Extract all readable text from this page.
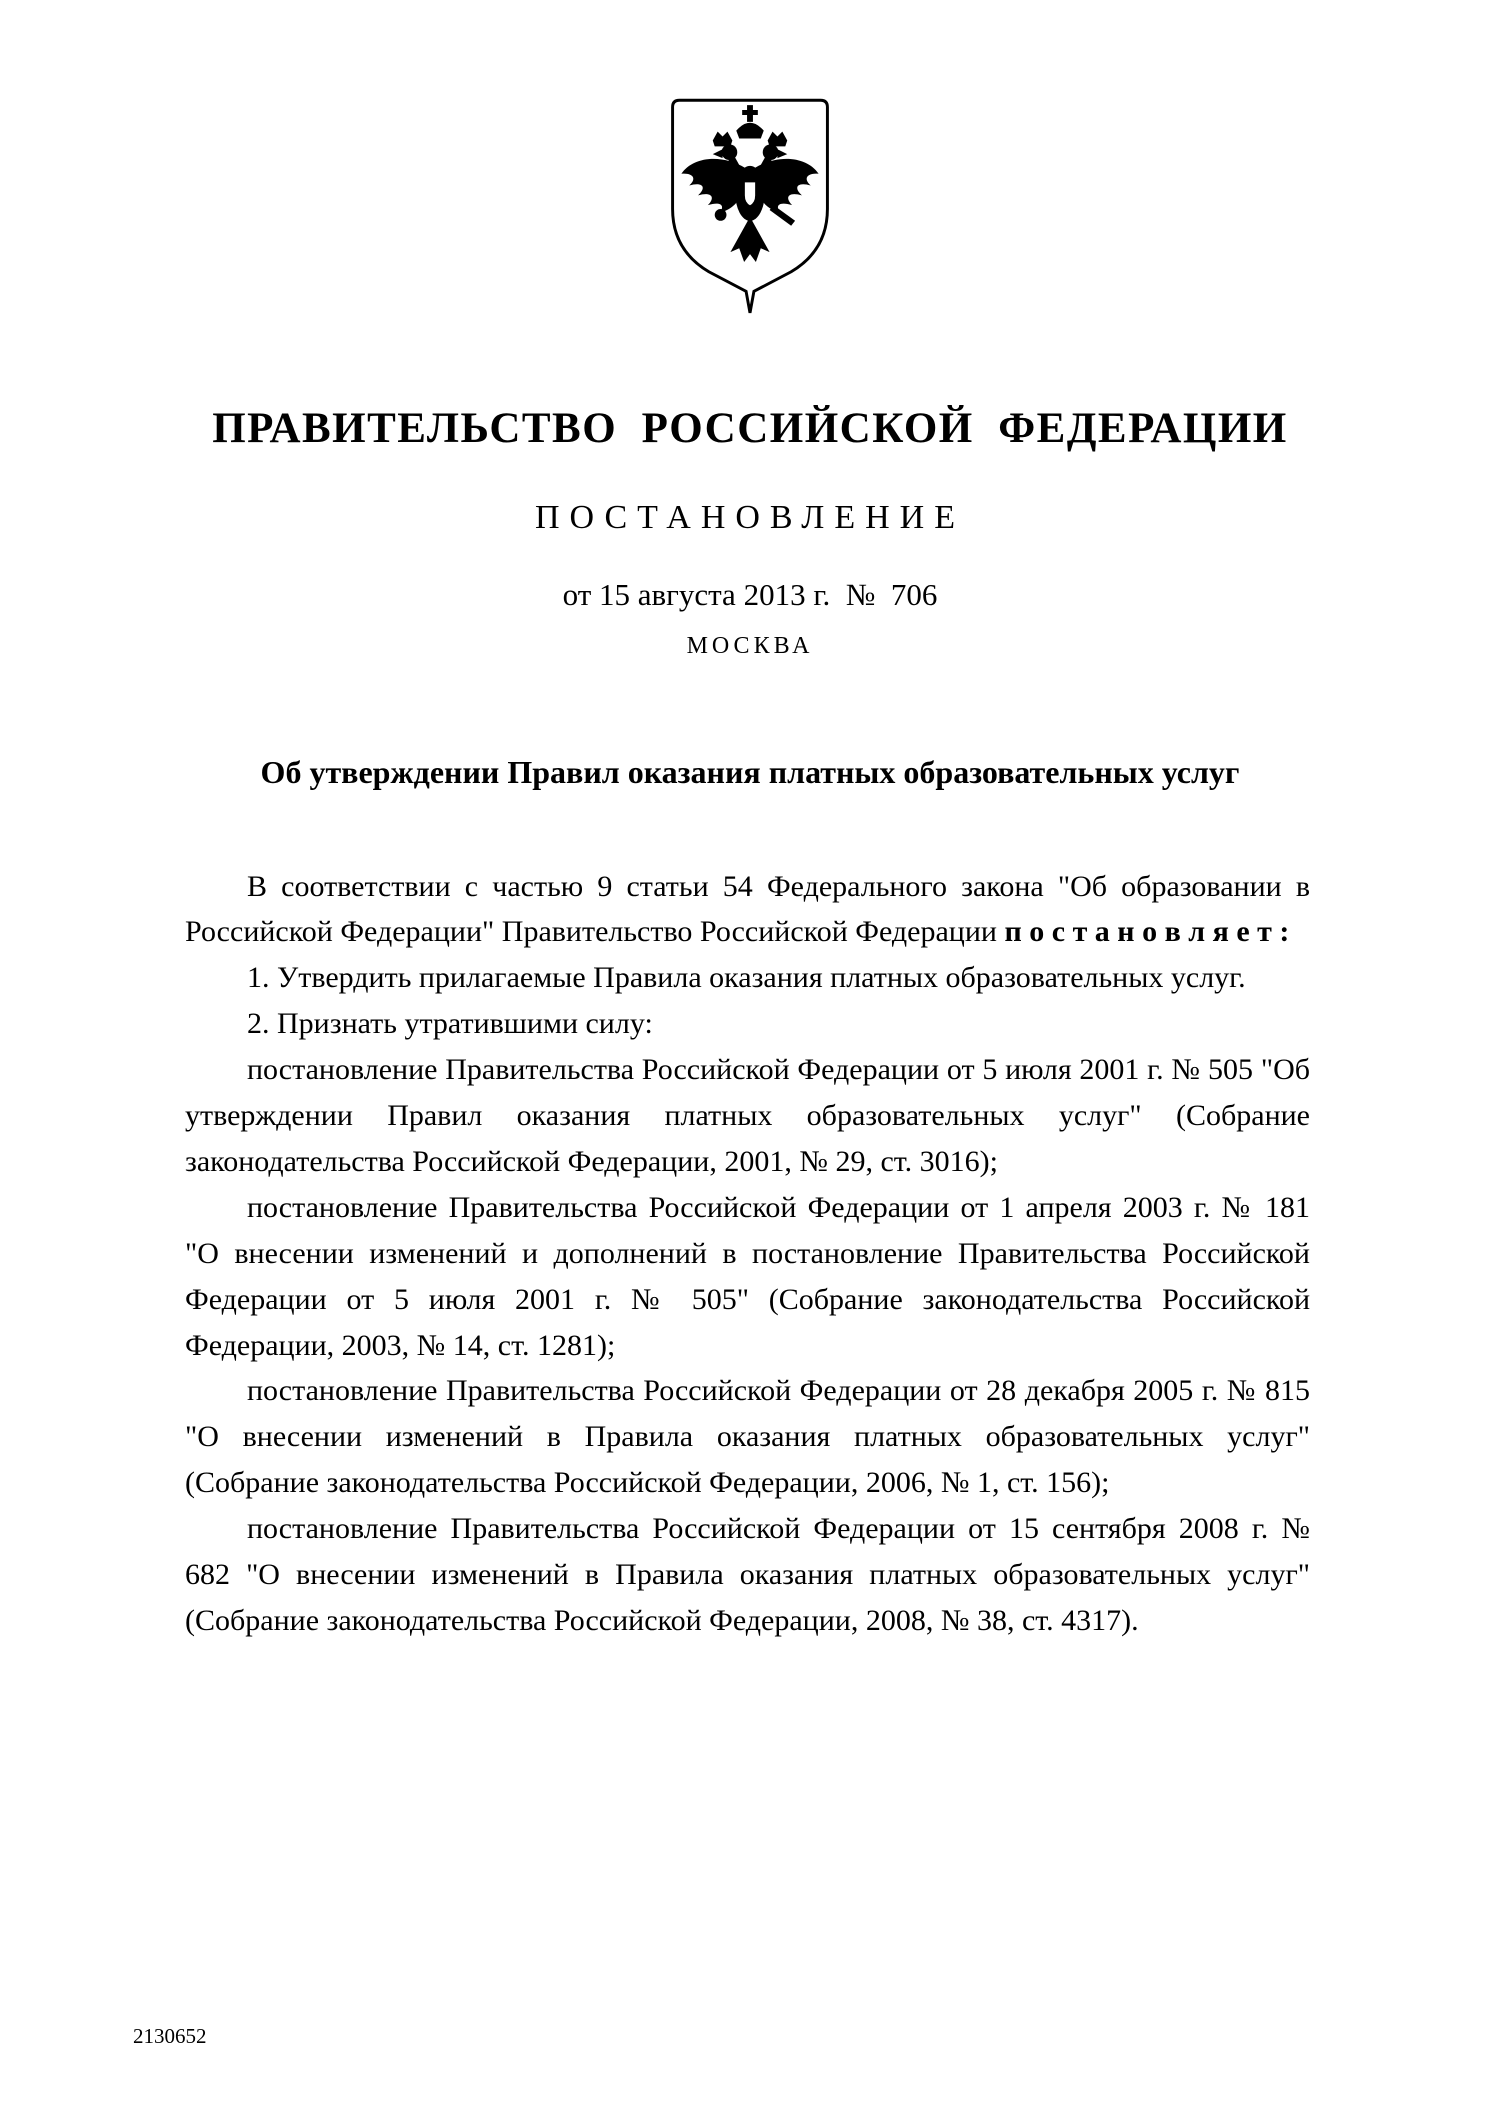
ПРАВИТЕЛЬСТВО  РОССИЙСКОЙ  ФЕДЕРАЦИИ
ПОСТАНОВЛЕНИЕ
от 15 августа 2013 г.  №  706
МОСКВА
Об утверждении Правил оказания платных образовательных услуг

В соответствии с частью 9 статьи 54 Федерального закона "Об образовании в Российской Федерации" Правительство Российской Федерации п о с т а н о в л я е т :

1. Утвердить прилагаемые Правила оказания платных образовательных услуг.

2. Признать утратившими силу:

постановление Правительства Российской Федерации от 5 июля 2001 г. № 505 "Об утверждении Правил оказания платных образовательных услуг" (Собрание законодательства Российской Федерации, 2001, № 29, ст. 3016);

постановление Правительства Российской Федерации от 1 апреля 2003 г. № 181 "О внесении изменений и дополнений в постановление Правительства Российской Федерации от 5 июля 2001 г. № 505" (Собрание законодательства Российской Федерации, 2003, № 14, ст. 1281);

постановление Правительства Российской Федерации от 28 декабря 2005 г. № 815 "О внесении изменений в Правила оказания платных образовательных услуг" (Собрание законодательства Российской Федерации, 2006, № 1, ст. 156);

постановление Правительства Российской Федерации от 15 сентября 2008 г. № 682 "О внесении изменений в Правила оказания платных образовательных услуг" (Собрание законодательства Российской Федерации, 2008, № 38, ст. 4317).

2130652
